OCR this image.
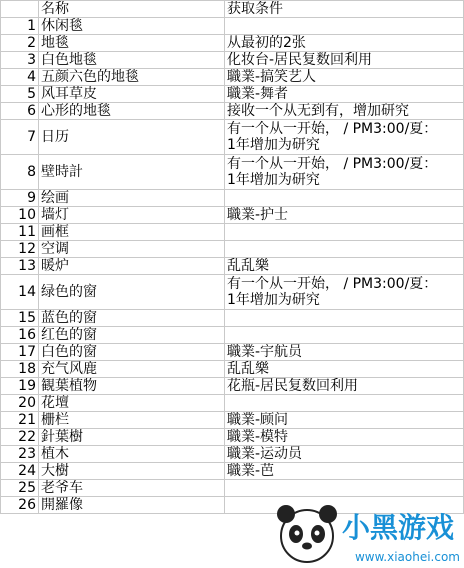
	名称	获取条件
1	休闲毯	
2	地毯	从最初的2张
3	白色地毯	化妆台-居民复数回利用
4	五颜六色的地毯	職業-搞笑艺人
5	风耳草皮	職業-舞者
6	心形的地毯	接收一个从无到有，增加研究
7	日历	有一个从一开始， / PM3:00/夏：
1年增加为研究

8	壁時計	有一个从一开始， / PM3:00/夏：
1年增加为研究

9	绘画	
10	墙灯	職業-护士
11	画框	
12	空调	
13	暖炉	乱乱樂
14	绿色的窗	有一个从一开始， / PM3:00/夏：
1年增加为研究

15	蓝色的窗	
16	红色的窗	
17	白色的窗	職業-宇航员
18	充气风鹿	乱乱樂
19	観葉植物	花瓶-居民复数回利用
20	花壇	
21	栅栏	職業-顾问
22	針葉樹	職業-模特
23	植木	職業-运动员
24	大樹	職業-芭
25	老爷车	
26	開羅像	
小黑游戏
www.xiaohei.com
